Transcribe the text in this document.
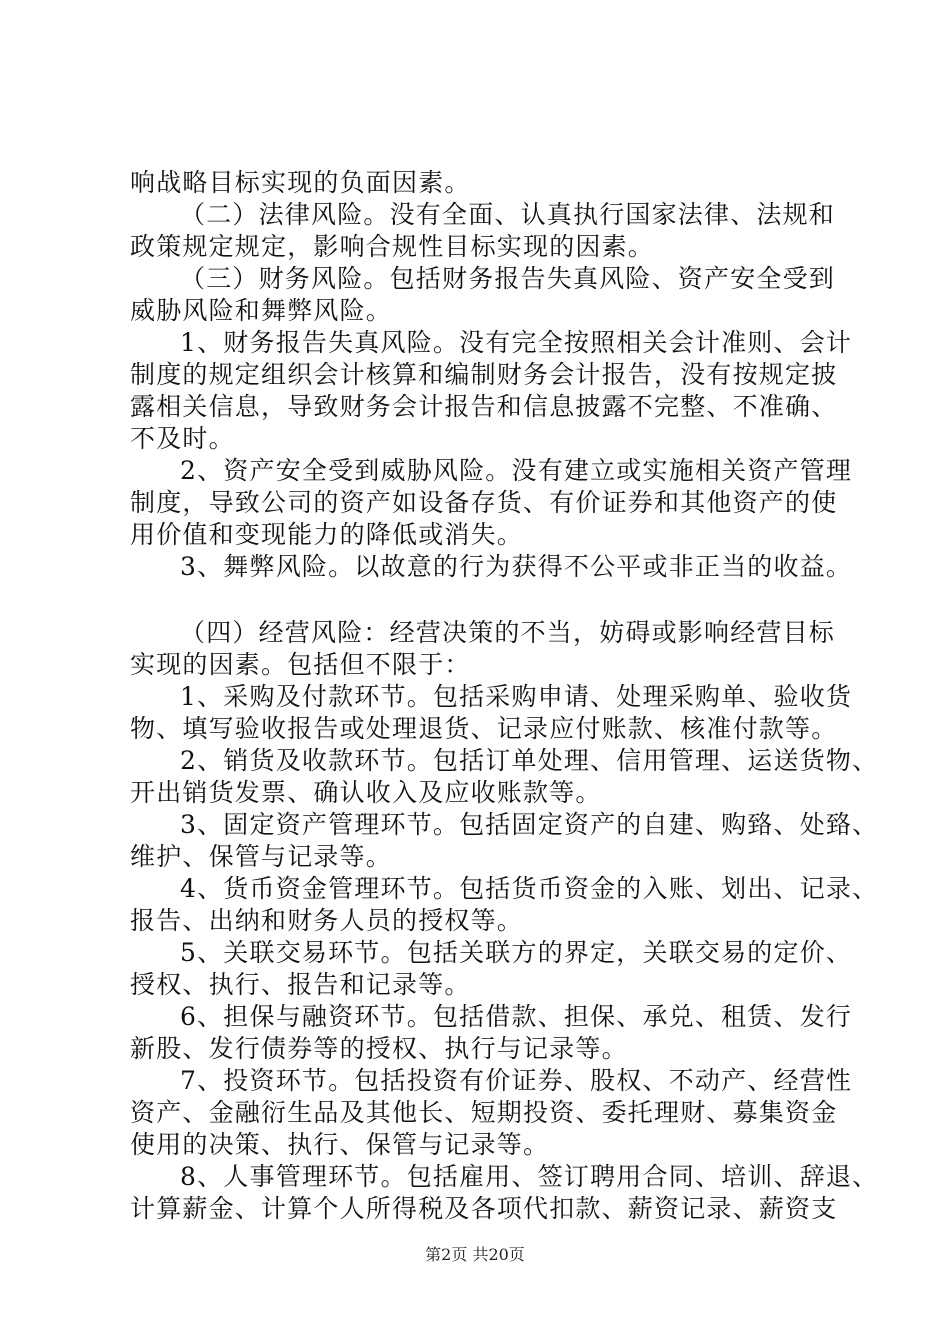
响战略目标实现的负面因素。
（二）法律风险。没有全面、认真执行国家法律、法规和
政策规定规定，影响合规性目标实现的因素。
（三）财务风险。包括财务报告失真风险、资产安全受到
威胁风险和舞弊风险。
1、财务报告失真风险。没有完全按照相关会计准则、会计
制度的规定组织会计核算和编制财务会计报告，没有按规定披
露相关信息，导致财务会计报告和信息披露不完整、不准确、
不及时。
2、资产安全受到威胁风险。没有建立或实施相关资产管理
制度，导致公司的资产如设备存货、有价证券和其他资产的使
用价值和变现能力的降低或消失。
3、舞弊风险。以故意的行为获得不公平或非正当的收益。
（四）经营风险：经营决策的不当，妨碍或影响经营目标
实现的因素。包括但不限于：
1、采购及付款环节。包括采购申请、处理采购单、验收货
物、填写验收报告或处理退货、记录应付账款、核准付款等。
2、销货及收款环节。包括订单处理、信用管理、运送货物、
开出销货发票、确认收入及应收账款等。
3、固定资产管理环节。包括固定资产的自建、购臵、处臵、
维护、保管与记录等。
4、货币资金管理环节。包括货币资金的入账、划出、记录、
报告、出纳和财务人员的授权等。
5、关联交易环节。包括关联方的界定，关联交易的定价、
授权、执行、报告和记录等。
6、担保与融资环节。包括借款、担保、承兑、租赁、发行
新股、发行债券等的授权、执行与记录等。
7、投资环节。包括投资有价证券、股权、不动产、经营性
资产、金融衍生品及其他长、短期投资、委托理财、募集资金
使用的决策、执行、保管与记录等。
8、人事管理环节。包括雇用、签订聘用合同、培训、辞退、
计算薪金、计算个人所得税及各项代扣款、薪资记录、薪资支
第2页 共20页
